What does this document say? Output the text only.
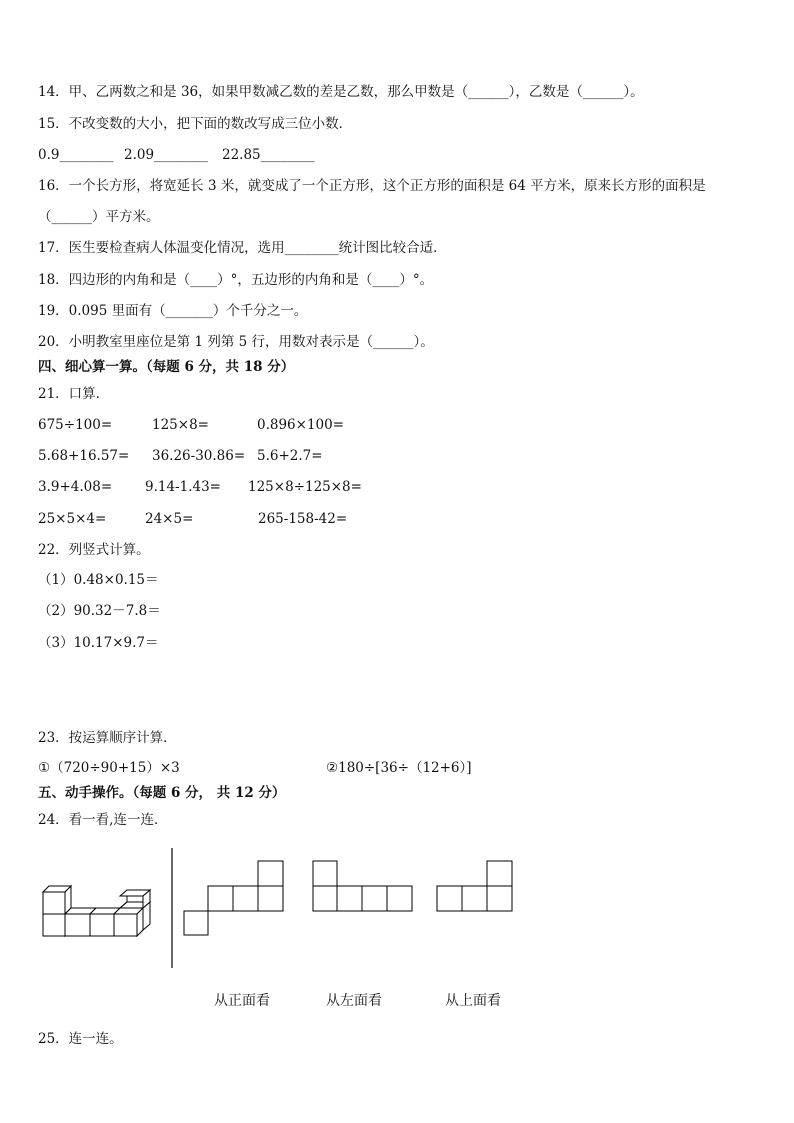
14．甲、乙两数之和是 36，如果甲数减乙数的差是乙数，那么甲数是（______），乙数是（______）。
15．不改变数的大小，把下面的数改写成三位小数．
0.9________ 2.09________ 22.85________
16．一个长方形，将宽延长 3 米，就变成了一个正方形，这个正方形的面积是 64 平方米，原来长方形的面积是
（______）平方米。
17．医生要检查病人体温变化情况，选用________统计图比较合适．
18．四边形的内角和是（____）°，五边形的内角和是（____）°。
19．0.095 里面有（_______）个千分之一。
20．小明教室里座位是第 1 列第 5 行，用数对表示是（______）。
四、细心算一算。（每题 6 分，共 18 分）
21．口算．
675÷100=	125×8=	0.896×100=
5.68+16.57= 36.26-30.86= 5.6+2.7=
3.9+4.08= 9.14-1.43= 125×8÷125×8=
25×5×4=	24×5=	265-158-42=
22．列竖式计算。
（1）0.48×0.15＝
（2）90.32－7.8＝
（3）10.17×9.7＝
23．按运算顺序计算．
①（720÷90+15）×3	②180÷[36÷（12+6）]
五、动手操作。（每题 6 分， 共 12 分）
24．看一看,连一连．
从正面看	从左面看	从上面看
25．连一连。
